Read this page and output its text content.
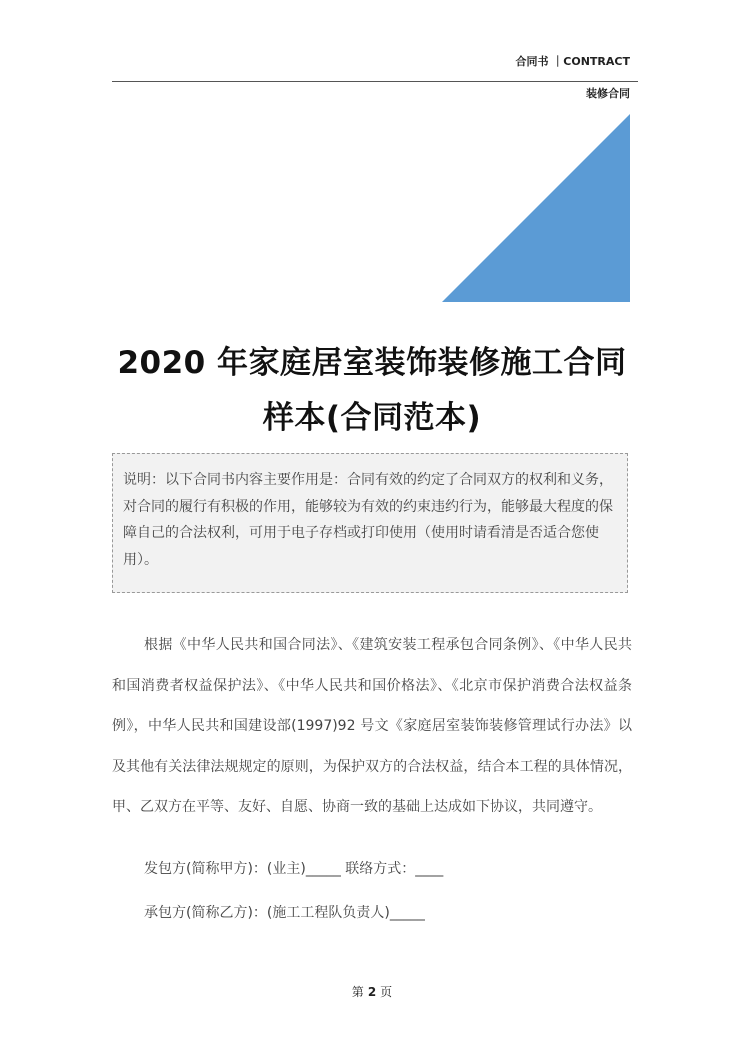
合同书 ｜CONTRACT
装修合同
2020 年家庭居室装饰装修施工合同
样本(合同范本)
说明：以下合同书内容主要作用是：合同有效的约定了合同双方的权利和义务，对合同的履行有积极的作用，能够较为有效的约束违约行为，能够最大程度的保障自己的合法权利，可用于电子存档或打印使用（使用时请看清是否适合您使用）。

根据《中华人民共和国合同法》、《建筑安装工程承包合同条例》、《中华人民共和国消费者权益保护法》、《中华人民共和国价格法》、《北京市保护消费合法权益条例》，中华人民共和国建设部(1997)92 号文《家庭居室装饰装修管理试行办法》以及其他有关法律法规规定的原则，为保护双方的合法权益，结合本工程的具体情况，甲、乙双方在平等、友好、自愿、协商一致的基础上达成如下协议，共同遵守。

发包方(简称甲方)：(业主)_____ 联络方式：____
承包方(简称乙方)：(施工工程队负责人)_____
第 2 页
